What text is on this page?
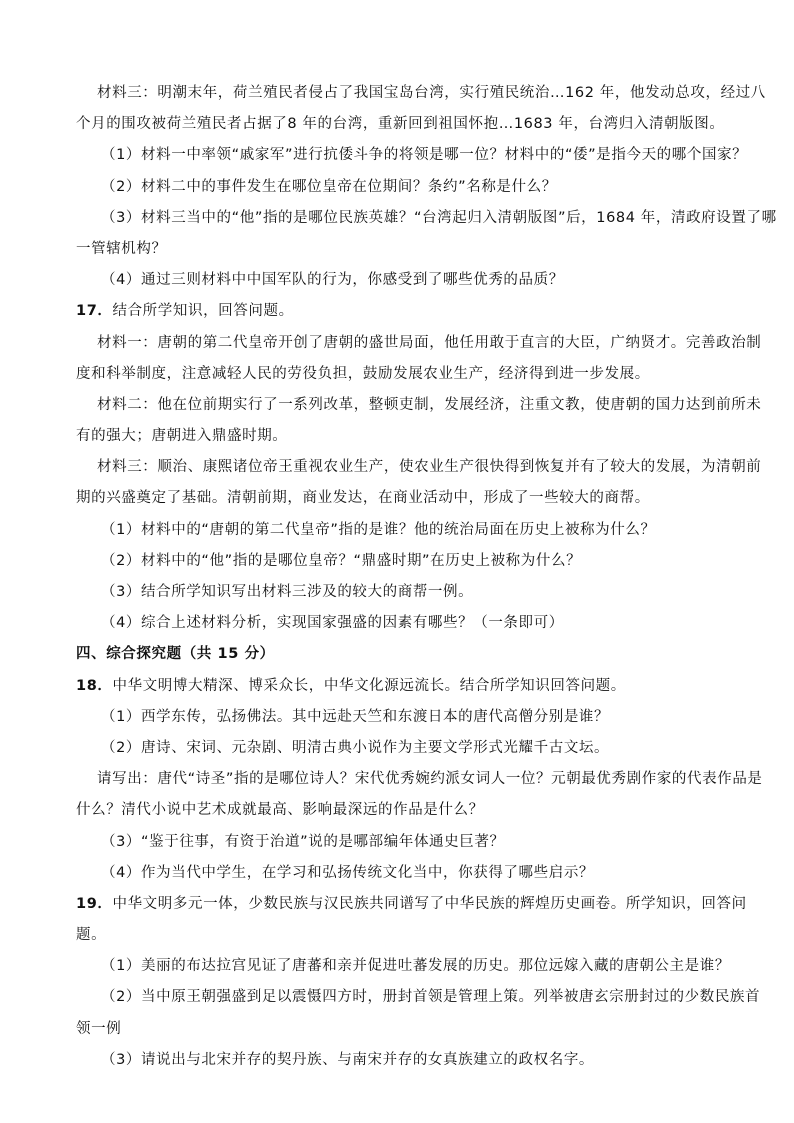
材料三：明潮末年，荷兰殖民者侵占了我国宝岛台湾，实行殖民统治…162 年，他发动总攻，经过八
个月的围攻被荷兰殖民者占据了8 年的台湾，重新回到祖国怀抱…1683 年，台湾归入清朝版图。
（1）材料一中率领“戚家军”进行抗倭斗争的将领是哪一位？材料中的“倭”是指今天的哪个国家？
（2）材料二中的事件发生在哪位皇帝在位期间？条约”名称是什么？
（3）材料三当中的“他”指的是哪位民族英雄？“台湾起归入清朝版图”后，1684 年，清政府设置了哪
一管辖机构？
（4）通过三则材料中中国军队的行为，你感受到了哪些优秀的品质？
17．结合所学知识，回答问题。
材料一：唐朝的第二代皇帝开创了唐朝的盛世局面，他任用敢于直言的大臣，广纳贤才。完善政治制
度和科举制度，注意减轻人民的劳役负担，鼓励发展农业生产，经济得到进一步发展。
材料二：他在位前期实行了一系列改革，整顿吏制，发展经济，注重文教，使唐朝的国力达到前所未
有的强大；唐朝进入鼎盛时期。
材料三：顺治、康熙诸位帝王重视农业生产，使农业生产很快得到恢复并有了较大的发展，为清朝前
期的兴盛奠定了基础。清朝前期，商业发达，在商业活动中，形成了一些较大的商帮。
（1）材料中的“唐朝的第二代皇帝”指的是谁？他的统治局面在历史上被称为什么？
（2）材料中的“他”指的是哪位皇帝？“鼎盛时期”在历史上被称为什么？
（3）结合所学知识写出材料三涉及的较大的商帮一例。
（4）综合上述材料分析，实现国家强盛的因素有哪些？（一条即可）
四、综合探究题（共 15 分）
18．中华文明博大精深、博采众长，中华文化源远流长。结合所学知识回答问题。
（1）西学东传，弘扬佛法。其中远赴天竺和东渡日本的唐代高僧分别是谁？
（2）唐诗、宋词、元杂剧、明清古典小说作为主要文学形式光耀千古文坛。
请写出：唐代“诗圣”指的是哪位诗人？宋代优秀婉约派女词人一位？元朝最优秀剧作家的代表作品是
什么？清代小说中艺术成就最高、影响最深远的作品是什么？
（3）“鉴于往事，有资于治道”说的是哪部编年体通史巨著？
（4）作为当代中学生，在学习和弘扬传统文化当中，你获得了哪些启示？
19．中华文明多元一体，少数民族与汉民族共同谱写了中华民族的辉煌历史画卷。所学知识，回答问
题。
（1）美丽的布达拉宫见证了唐蕃和亲并促进吐蕃发展的历史。那位远嫁入藏的唐朝公主是谁？
（2）当中原王朝强盛到足以震慑四方时，册封首领是管理上策。列举被唐玄宗册封过的少数民族首
领一例
（3）请说出与北宋并存的契丹族、与南宋并存的女真族建立的政权名字。
